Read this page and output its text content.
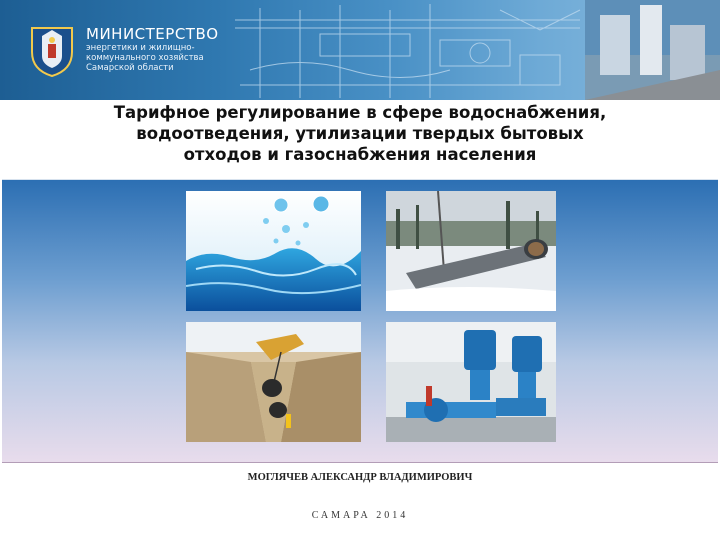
МИНИСТЕРСТВО
энергетики и жилищно-
коммунального хозяйства
Самарской области
Тарифное регулирование в сфере водоснабжения,
водоотведения, утилизации твердых бытовых
отходов и газоснабжения населения
МОГЛЯЧЕВ АЛЕКСАНДР ВЛАДИМИРОВИЧ
САМАРА 2014
